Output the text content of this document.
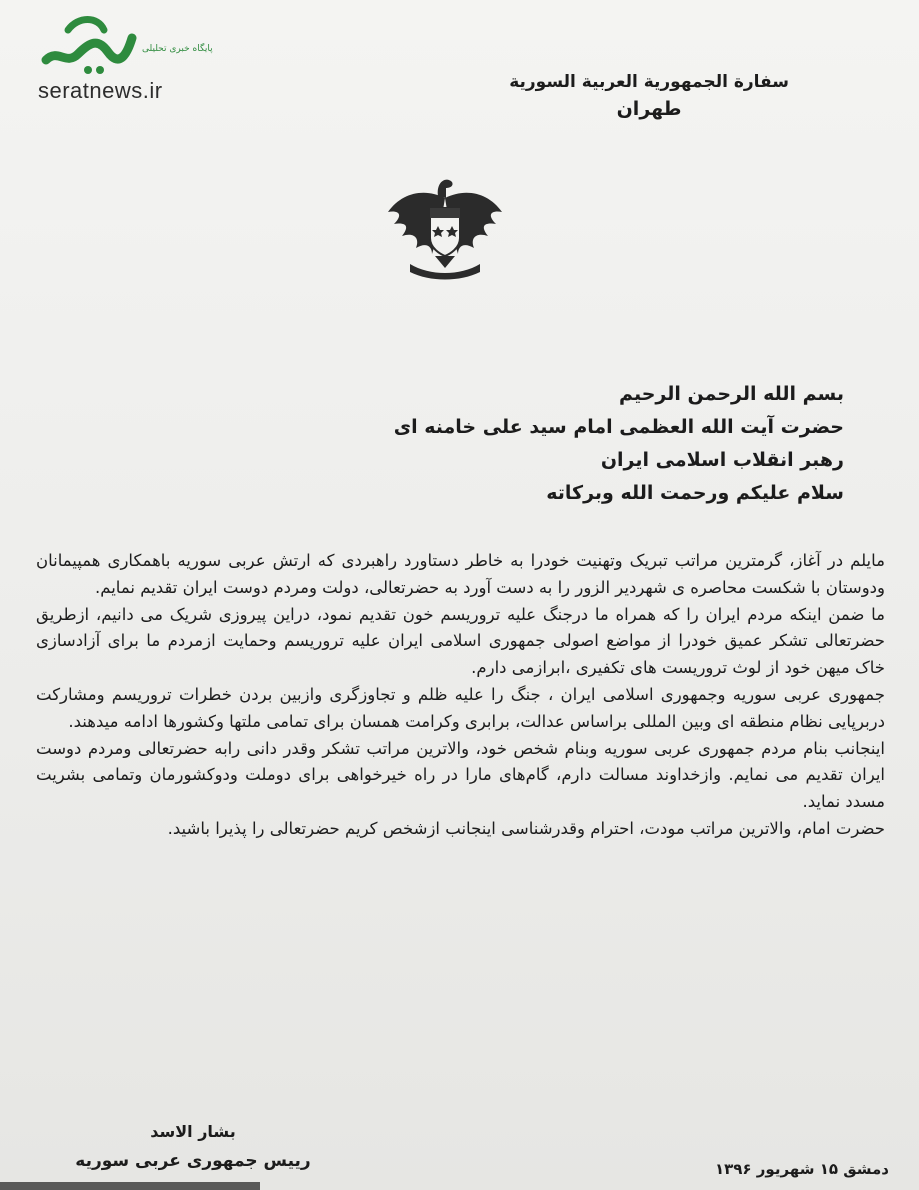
پایگاه خبری تحلیلی
seratnews.ir	سفارة الجمهورية العربية السورية
طهران
بسم الله الرحمن الرحيم
حضرت آیت الله العظمی امام سید علی خامنه ای
رهبر انقلاب اسلامی ایران
سلام علیکم ورحمت الله وبرکاته

مایلم در آغاز، گرمترین مراتب تبریک وتهنیت خودرا به خاطر دستاورد راهبردی که ارتش عربی سوریه باهمکاری همپیمانان ودوستان با شکست محاصره ی شهردیر الزور را به دست آورد به حضرتعالی، دولت ومردم دوست ایران تقدیم نمایم.

ما ضمن اینکه مردم ایران را که همراه ما درجنگ علیه تروریسم خون تقدیم نمود، دراین پیروزی شریک می دانیم، ازطریق حضرتعالی تشکر عمیق خودرا از مواضع اصولی جمهوری اسلامی ایران علیه تروریسم وحمایت ازمردم ما برای آزادسازی خاک میهن خود از لوث تروریست های تکفیری ،ابرازمی دارم.

جمهوری عربی سوریه وجمهوری اسلامی ایران ، جنگ را علیه ظلم و تجاوزگری وازبین بردن خطرات تروریسم ومشارکت دربرپایی نظام منطقه ای وبین المللی براساس عدالت، برابری وکرامت همسان برای تمامی ملتها وکشورها ادامه میدهند.

اینجانب بنام مردم جمهوری عربی سوریه وبنام شخص خود، والاترین مراتب تشکر وقدر دانی رابه حضرتعالی ومردم دوست ایران تقدیم می نمایم. وازخداوند مسالت دارم، گام‌های مارا در راه خیرخواهی برای دوملت ودوکشورمان وتمامی بشریت مسدد نماید.

حضرت امام، والاترین مراتب مودت، احترام وقدرشناسی اینجانب ازشخص کریم حضرتعالی را پذیرا باشید.

بشار الاسد
رییس جمهوری عربی سوریه	دمشق ۱۵ شهریور ۱۳۹۶
